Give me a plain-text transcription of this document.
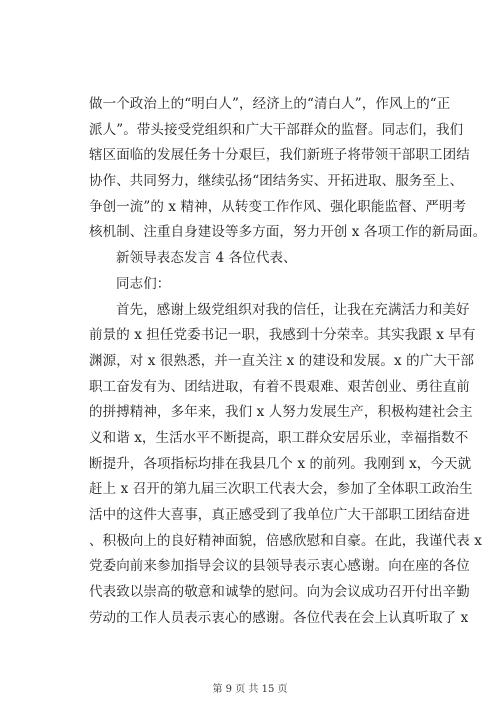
做一个政治上的“明白人”，经济上的“清白人”，作风上的“正
派人”。带头接受党组织和广大干部群众的监督。同志们，我们
辖区面临的发展任务十分艰巨，我们新班子将带领干部职工团结
协作、共同努力，继续弘扬“团结务实、开拓进取、服务至上、
争创一流”的 x 精神，从转变工作作风、强化职能监督、严明考
核机制、注重自身建设等多方面，努力开创 x 各项工作的新局面。
新领导表态发言 4 各位代表、
同志们：
首先，感谢上级党组织对我的信任，让我在充满活力和美好
前景的 x 担任党委书记一职，我感到十分荣幸。其实我跟 x 早有
渊源，对 x 很熟悉，并一直关注 x 的建设和发展。x 的广大干部
职工奋发有为、团结进取，有着不畏艰难、艰苦创业、勇往直前
的拼搏精神，多年来，我们 x 人努力发展生产，积极构建社会主
义和谐 x，生活水平不断提高，职工群众安居乐业，幸福指数不
断提升，各项指标均排在我县几个 x 的前列。我刚到 x，今天就
赶上 x 召开的第九届三次职工代表大会，参加了全体职工政治生
活中的这件大喜事，真正感受到了我单位广大干部职工团结奋进
、积极向上的良好精神面貌，倍感欣慰和自豪。在此，我谨代表 x
党委向前来参加指导会议的县领导表示衷心感谢。向在座的各位
代表致以崇高的敬意和诚挚的慰问。向为会议成功召开付出辛勤
劳动的工作人员表示衷心的感谢。各位代表在会上认真听取了 x
第 9 页 共 15 页
